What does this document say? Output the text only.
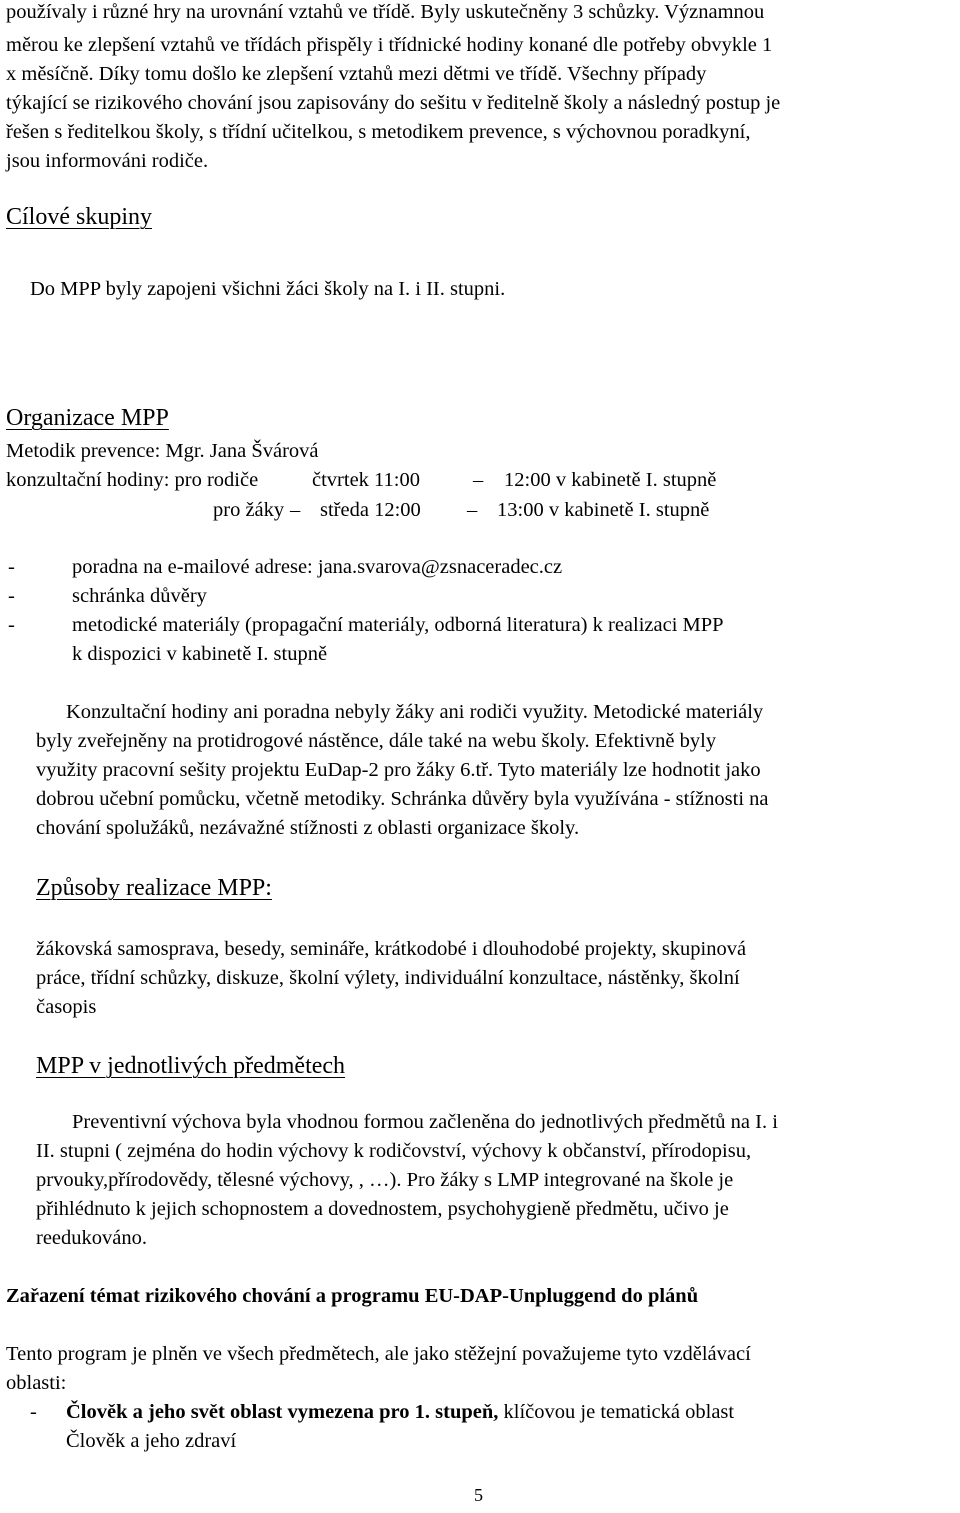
používaly i různé hry na urovnání vztahů ve třídě. Byly uskutečněny 3 schůzky. Významnou
měrou ke zlepšení vztahů ve třídách přispěly i třídnické hodiny konané dle potřeby obvykle 1
x měsíčně. Díky tomu došlo ke zlepšení vztahů mezi dětmi ve třídě. Všechny případy
týkající se rizikového chování jsou zapisovány do sešitu v ředitelně školy a následný postup je
řešen s ředitelkou školy, s třídní učitelkou, s metodikem prevence, s výchovnou poradkyní,
jsou informováni rodiče.
Cílové skupiny
Do MPP byly zapojeni všichni žáci školy na I. i II. stupni.
Organizace MPP
Metodik prevence: Mgr. Jana Švárová
konzultační hodiny: pro rodiče	čtvrtek 11:00	– 12:00 v kabinetě I. stupně
pro žáky – středa 12:00 – 13:00 v kabinetě I. stupně
-	poradna na e-mailové adrese: jana.svarova@zsnaceradec.cz
-	schránka důvěry
-	metodické materiály (propagační materiály, odborná literatura) k realizaci MPP
k dispozici v kabinetě I. stupně
Konzultační hodiny ani poradna nebyly žáky ani rodiči využity. Metodické materiály
byly zveřejněny na protidrogové nástěnce, dále také na webu školy. Efektivně byly
využity pracovní sešity projektu EuDap-2 pro žáky 6.tř. Tyto materiály lze hodnotit jako
dobrou učební pomůcku, včetně metodiky. Schránka důvěry byla využívána - stížnosti na
chování spolužáků, nezávažné stížnosti z oblasti organizace školy.
Způsoby realizace MPP:
žákovská samosprava, besedy, semináře, krátkodobé i dlouhodobé projekty, skupinová
práce, třídní schůzky, diskuze, školní výlety, individuální konzultace, nástěnky, školní
časopis
MPP v jednotlivých předmětech
Preventivní výchova byla vhodnou formou začleněna do jednotlivých předmětů na I. i
II. stupni ( zejména do hodin výchovy k rodičovství, výchovy k občanství, přírodopisu,
prvouky,přírodovědy, tělesné výchovy, , …). Pro žáky s LMP integrované na škole je
přihlédnuto k jejich schopnostem a dovednostem, psychohygieně předmětu, učivo je
reedukováno.
Zařazení témat rizikového chování a programu EU-DAP-Unpluggend do plánů
Tento program je plněn ve všech předmětech, ale jako stěžejní považujeme tyto vzdělávací
oblasti:
- Člověk a jeho svět oblast vymezena pro 1. stupeň, klíčovou je tematická oblast
Člověk a jeho zdraví
5
